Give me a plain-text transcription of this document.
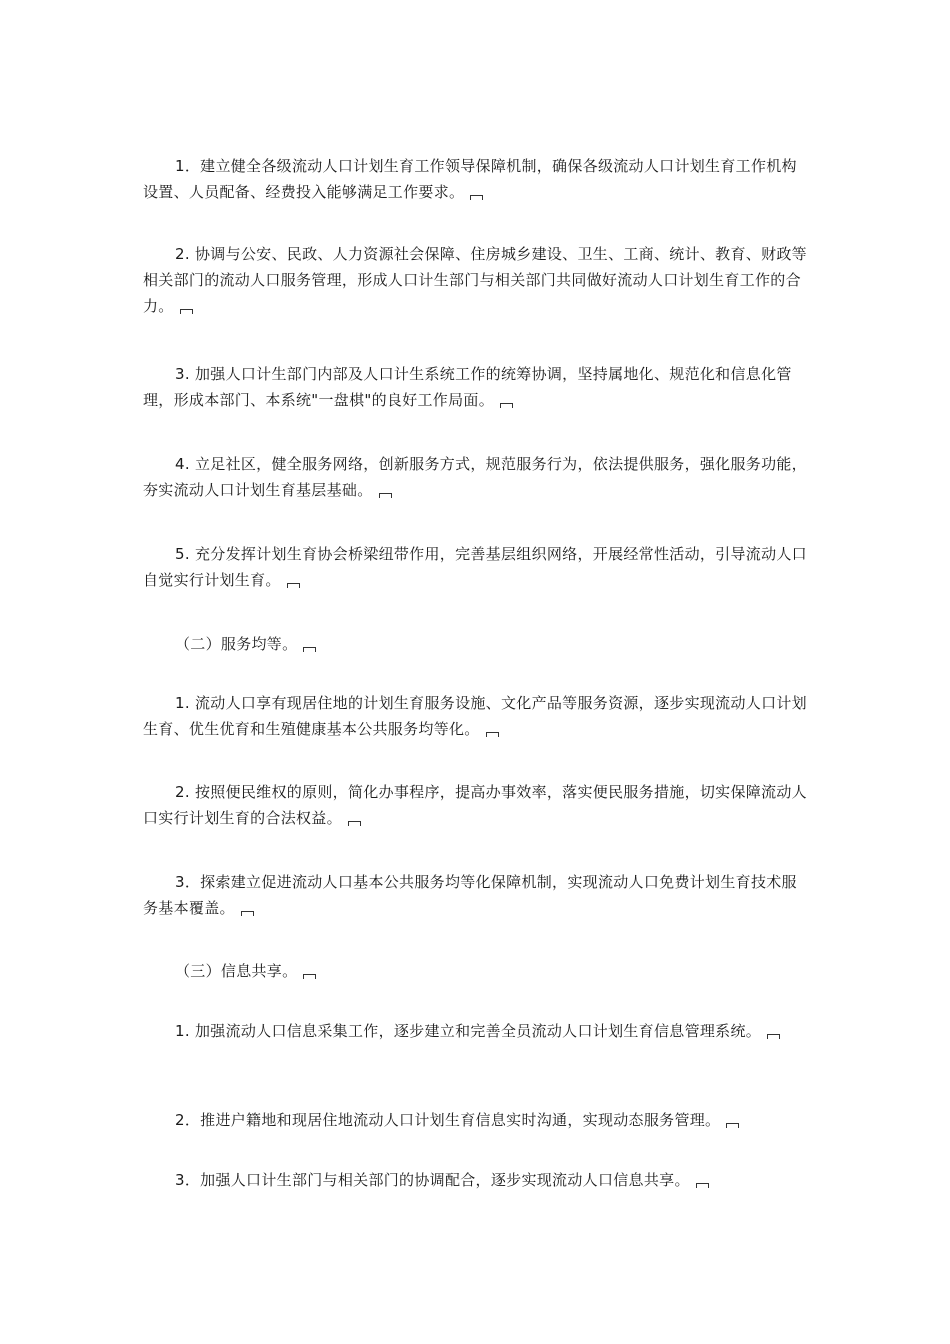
1．建立健全各级流动人口计划生育工作领导保障机制，确保各级流动人口计划生育工作机构设置、人员配备、经费投入能够满足工作要求。

2. 协调与公安、民政、人力资源社会保障、住房城乡建设、卫生、工商、统计、教育、财政等相关部门的流动人口服务管理，形成人口计生部门与相关部门共同做好流动人口计划生育工作的合力。

3. 加强人口计生部门内部及人口计生系统工作的统筹协调，坚持属地化、规范化和信息化管理，形成本部门、本系统"一盘棋"的良好工作局面。

4. 立足社区，健全服务网络，创新服务方式，规范服务行为，依法提供服务，强化服务功能，夯实流动人口计划生育基层基础。

5. 充分发挥计划生育协会桥梁纽带作用，完善基层组织网络，开展经常性活动，引导流动人口自觉实行计划生育。

（二）服务均等。

1. 流动人口享有现居住地的计划生育服务设施、文化产品等服务资源，逐步实现流动人口计划生育、优生优育和生殖健康基本公共服务均等化。

2. 按照便民维权的原则，简化办事程序，提高办事效率，落实便民服务措施，切实保障流动人口实行计划生育的合法权益。

3．探索建立促进流动人口基本公共服务均等化保障机制，实现流动人口免费计划生育技术服务基本覆盖。

（三）信息共享。

1. 加强流动人口信息采集工作，逐步建立和完善全员流动人口计划生育信息管理系统。

2．推进户籍地和现居住地流动人口计划生育信息实时沟通，实现动态服务管理。

3．加强人口计生部门与相关部门的协调配合，逐步实现流动人口信息共享。
